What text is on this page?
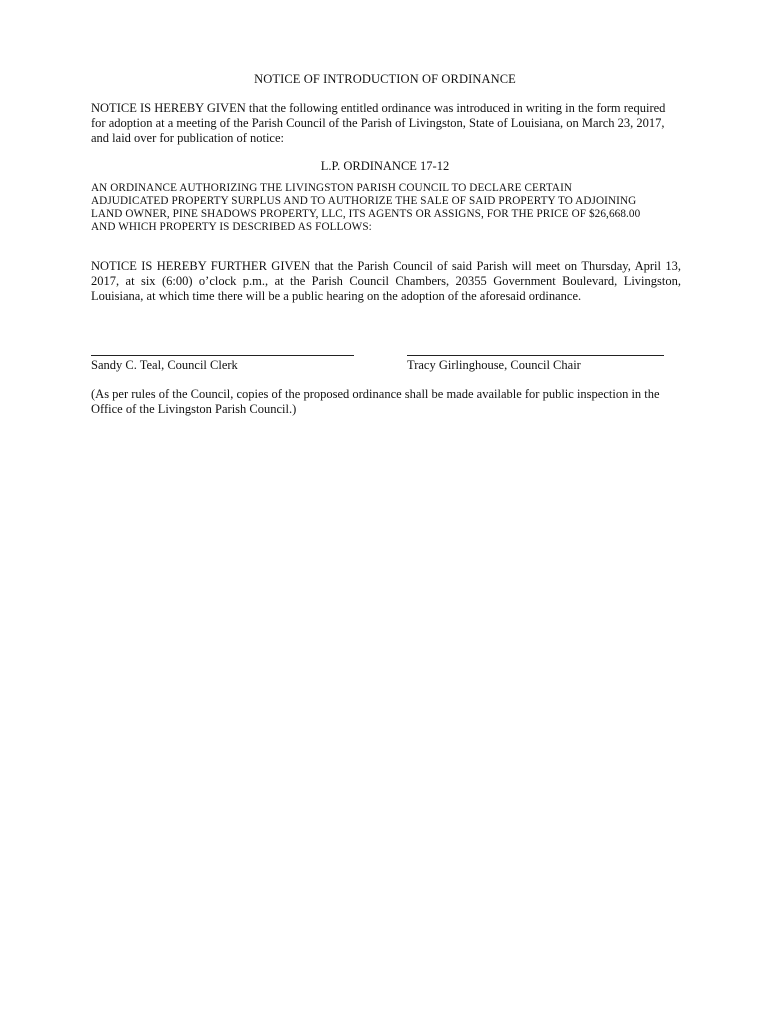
NOTICE OF INTRODUCTION OF ORDINANCE
NOTICE IS HEREBY GIVEN that the following entitled ordinance was introduced in writing in the form required for adoption at a meeting of the Parish Council of the Parish of Livingston, State of Louisiana, on March 23, 2017, and laid over for publication of notice:
L.P. ORDINANCE 17-12
AN ORDINANCE AUTHORIZING THE LIVINGSTON PARISH COUNCIL TO DECLARE CERTAIN ADJUDICATED PROPERTY SURPLUS AND TO AUTHORIZE THE SALE OF SAID PROPERTY TO ADJOINING LAND OWNER, PINE SHADOWS PROPERTY, LLC, ITS AGENTS OR ASSIGNS, FOR THE PRICE OF $26,668.00 AND WHICH PROPERTY IS DESCRIBED AS FOLLOWS:
NOTICE IS HEREBY FURTHER GIVEN that the Parish Council of said Parish will meet on Thursday, April 13, 2017, at six (6:00) o’clock p.m., at the Parish Council Chambers, 20355 Government Boulevard, Livingston, Louisiana, at which time there will be a public hearing on the adoption of the aforesaid ordinance.
Sandy C. Teal, Council Clerk	Tracy Girlinghouse, Council Chair
(As per rules of the Council, copies of the proposed ordinance shall be made available for public inspection in the Office of the Livingston Parish Council.)
